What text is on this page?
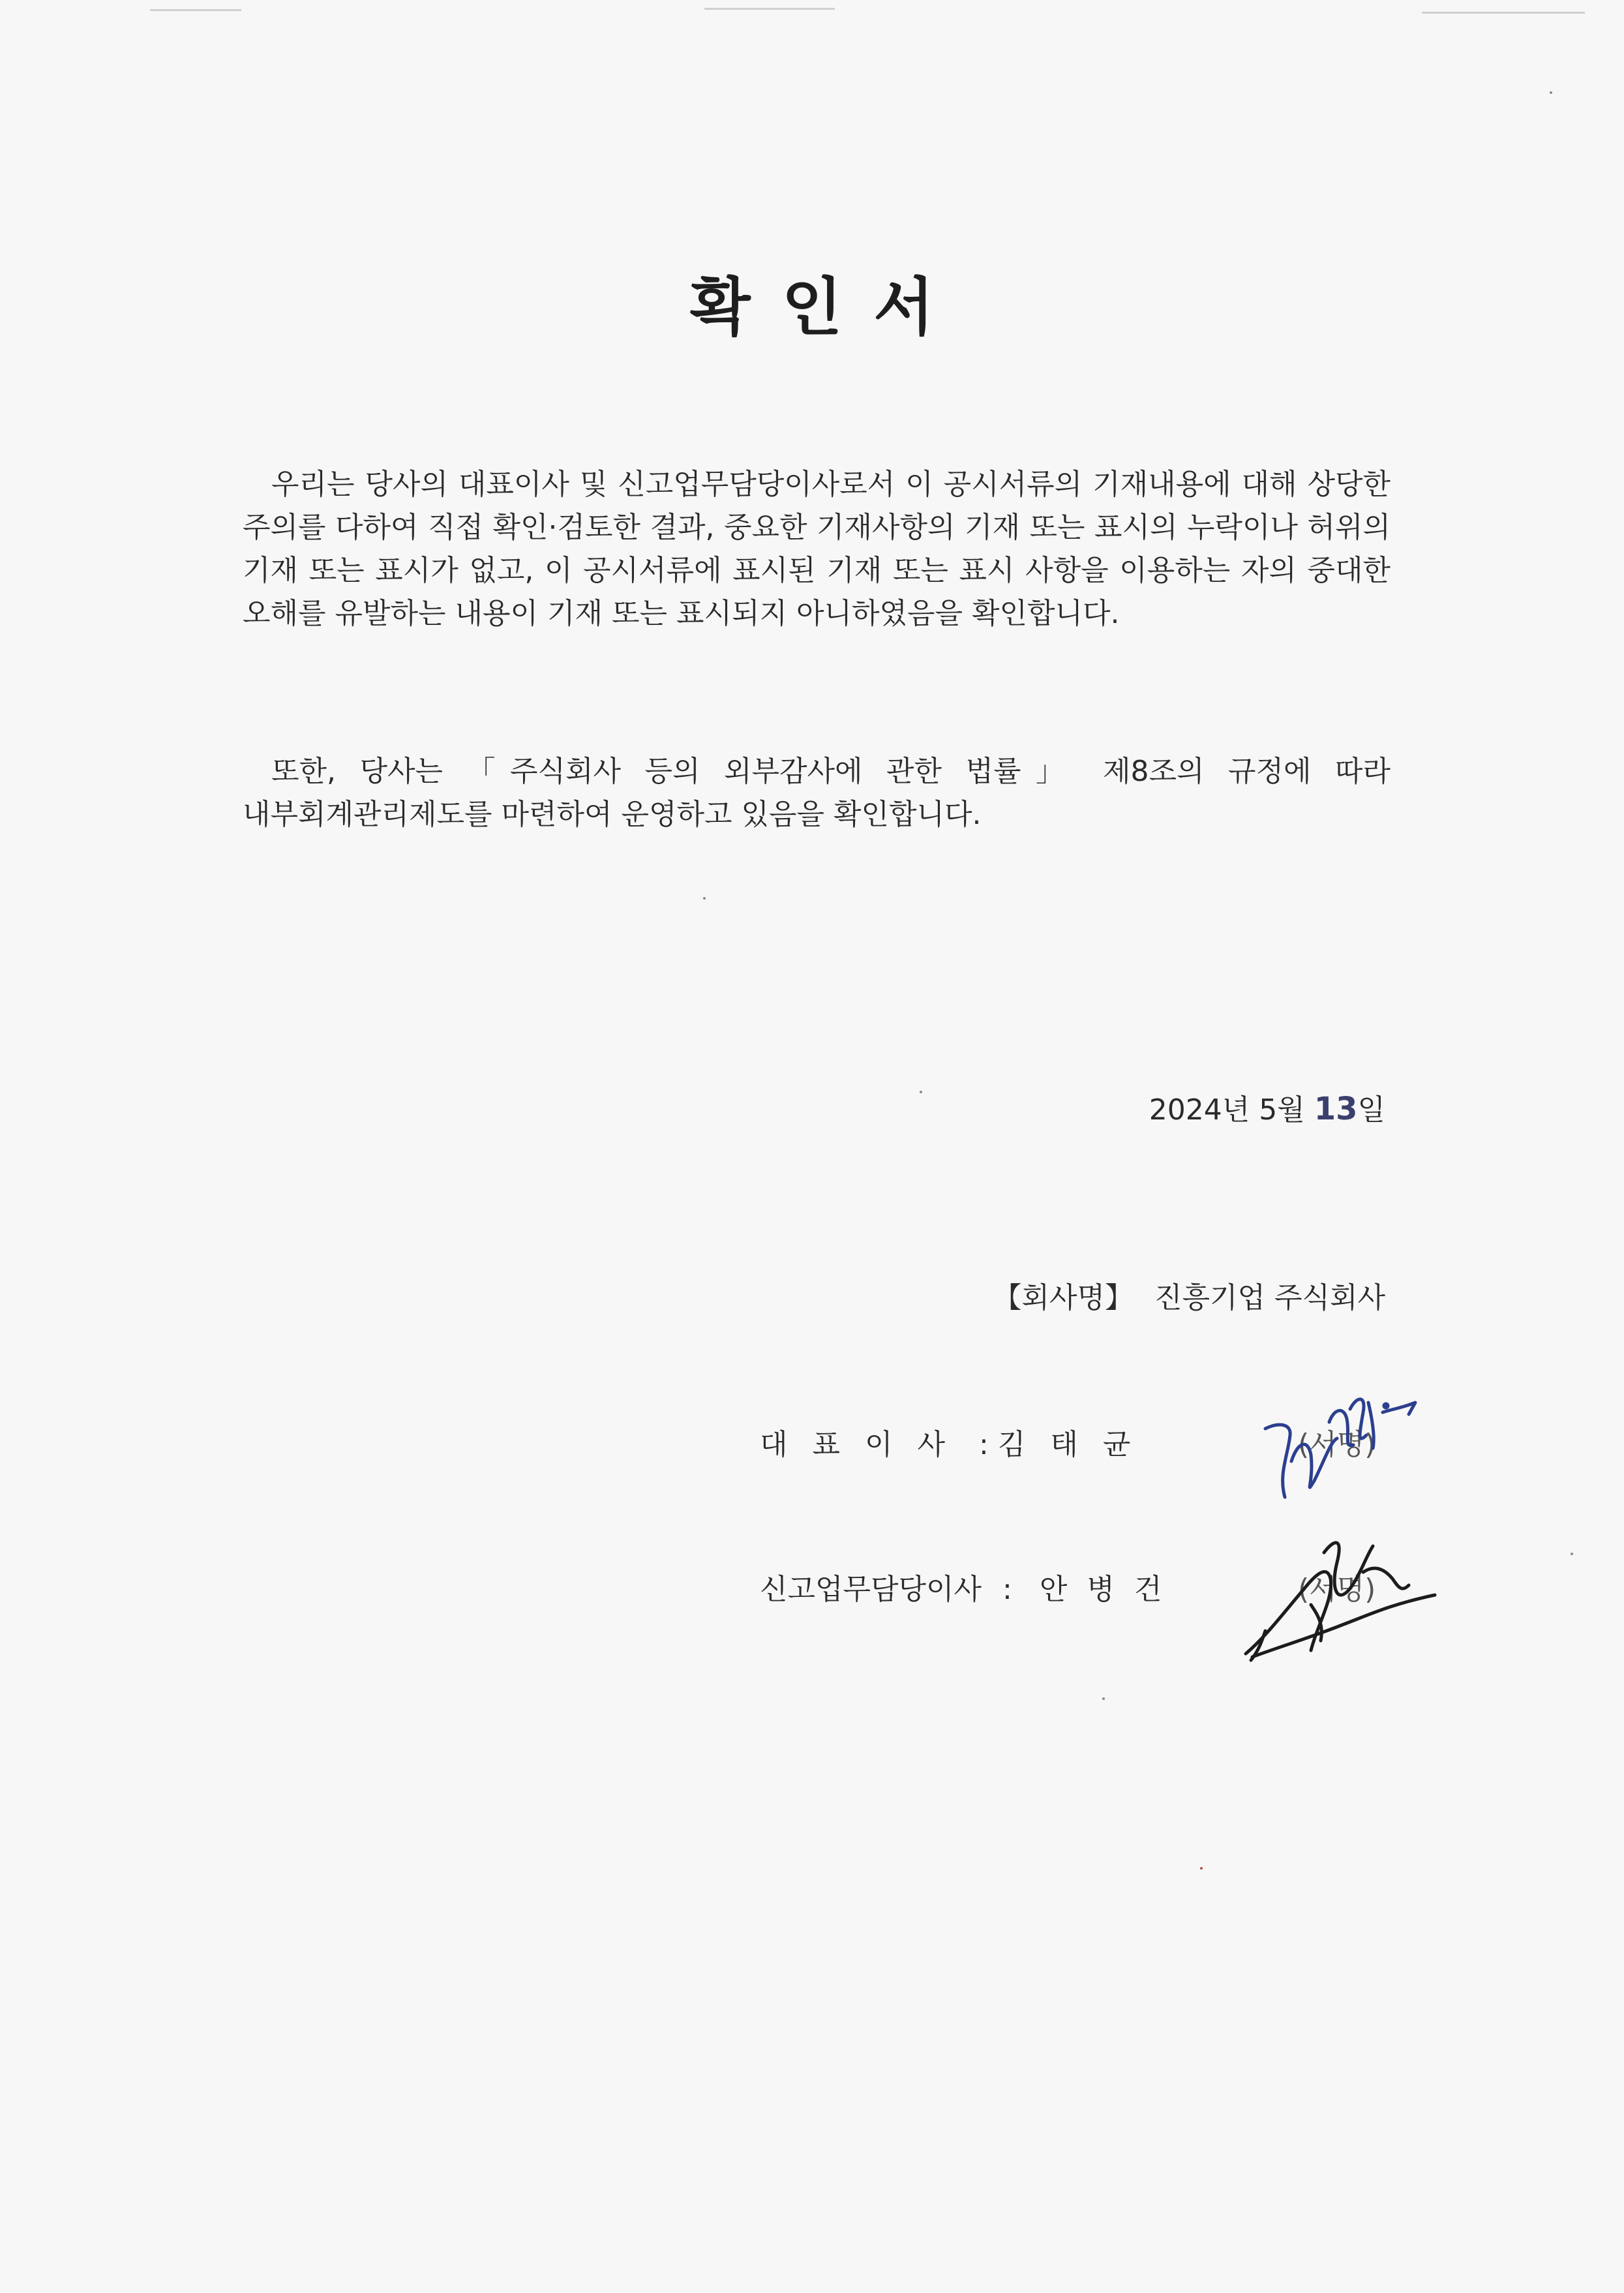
확인서

우리는 당사의 대표이사 및 신고업무담당이사로서 이 공시서류의 기재내용에 대해 상당한 주의를 다하여 직접 확인·검토한 결과, 중요한 기재사항의 기재 또는 표시의 누락이나 허위의 기재 또는 표시가 없고, 이 공시서류에 표시된 기재 또는 표시 사항을 이용하는 자의 중대한 오해를 유발하는 내용이 기재 또는 표시되지 아니하였음을 확인합니다.

또한, 당사는 「주식회사 등의 외부감사에 관한 법률」 제8조의 규정에 따라 내부회계관리제도를 마련하여 운영하고 있음을 확인합니다.

2024년 5월 13일
【회사명】 진흥기업 주식회사
대표이사 : 김태균	(서명)
신고업무담당이사 : 안병건	(서명)
